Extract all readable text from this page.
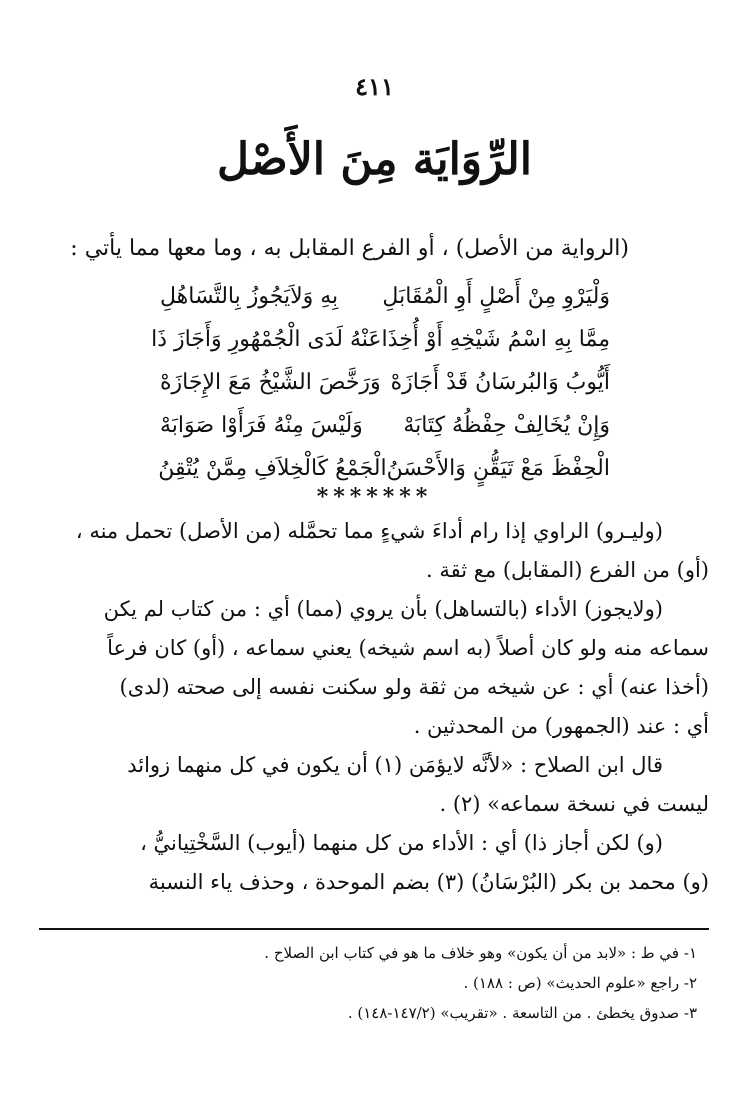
٤١١
الرِّوَايَة مِنَ الأَصْل
(الرواية من الأصل) ، أو الفرع المقابل به ، وما معها مما يأتي :
وَلْيَرْوِ مِنْ أَصْلٍ أَوِ الْمُقَابَلِ
بِهِ وَلاَيَجُوزُ بِالتَّسَاهُلِ
مِمَّا بِهِ اسْمُ شَيْخِهِ أَوْ أُخِذَا
عَنْهُ لَدَى الْجُمْهُورِ وَأَجَازَ ذَا
أَيُّوبُ وَالبُرسَانُ قَدْ أَجَازَهْ
وَرَخَّصَ الشَّيْخُ مَعَ الإِجَازَهْ
وَإِنْ يُخَالِفْ حِفْظُهُ كِتَابَهْ
وَلَيْسَ مِنْهُ فَرَأَوْا صَوَابَهْ
الْحِفْظَ مَعْ تَيَقُّنٍ وَالأَحْسَنُ
الْجَمْعُ كَالْخِلاَفِ مِمَّنْ يُتْقِنُ
*******
(وليـرو) الراوي إذا رام أداءَ شيءٍ مما تحمَّله (من الأصل) تحمل منه ،
(أو) من الفرع (المقابل) مع ثقة .
(ولايجوز) الأداء (بالتساهل) بأن يروي (مما) أي : من كتاب لم يكن
سماعه منه ولو كان أصلاً (به اسم شيخه) يعني سماعه ، (أو) كان فرعاً
(أخذا عنه) أي : عن شيخه من ثقة ولو سكنت نفسه إلى صحته (لدى)
أي : عند (الجمهور) من المحدثين .
قال ابن الصلاح : «لأنَّه لايؤمَن (١) أن يكون في كل منهما زوائد
ليست في نسخة سماعه» (٢) .
(و) لكن أجاز ذا) أي : الأداء من كل منهما (أيوب) السَّخْتِيانيُّ ،
(و) محمد بن بكر (البُرْسَانُ) (٣) بضم الموحدة ، وحذف ياء النسبة
١- في ط : «لابد من أن يكون» وهو خلاف ما هو في كتاب ابن الصلاح .
٢- راجع «علوم الحديث» (ص : ١٨٨) .
٣- صدوق يخطئ . من التاسعة . «تقريب» (١٤٧/٢-١٤٨) .
